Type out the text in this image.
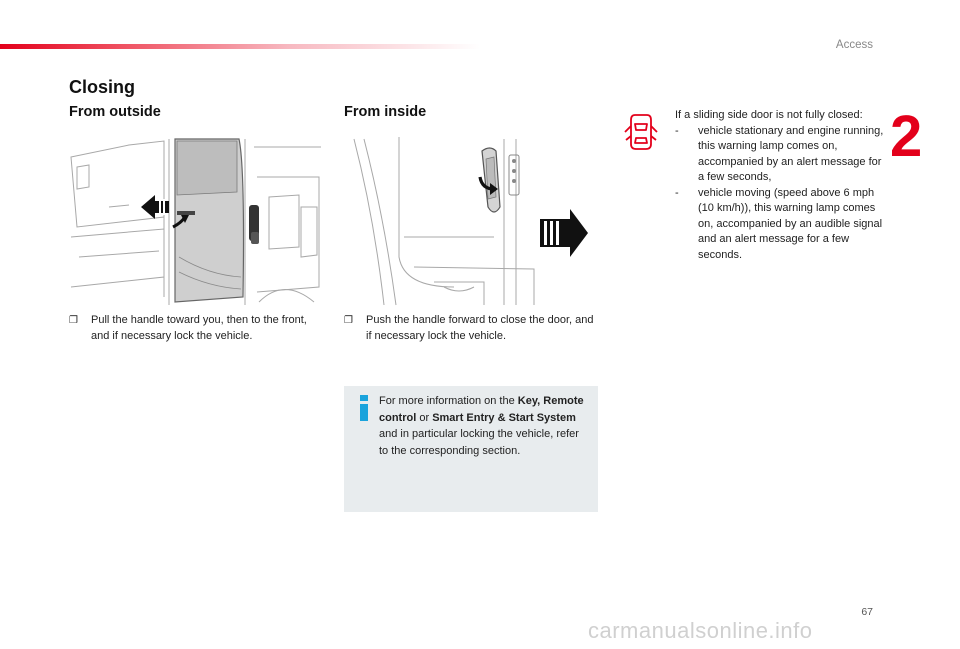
Access
2
Closing
From outside	From inside
❐	Pull the handle toward you, then to the front, and if necessary lock the vehicle.
❐	Push the handle forward to close the door, and if necessary lock the vehicle.
For more information on the Key, Remote control or Smart Entry & Start System and in particular locking the vehicle, refer to the corresponding section.
If a sliding side door is not fully closed:
-	vehicle stationary and engine running, this warning lamp comes on, accompanied by an alert message for a few seconds,
-	vehicle moving (speed above 6 mph (10 km/h)), this warning lamp comes on, accompanied by an audible signal and an alert message for a few seconds.
67
carmanualsonline.info
